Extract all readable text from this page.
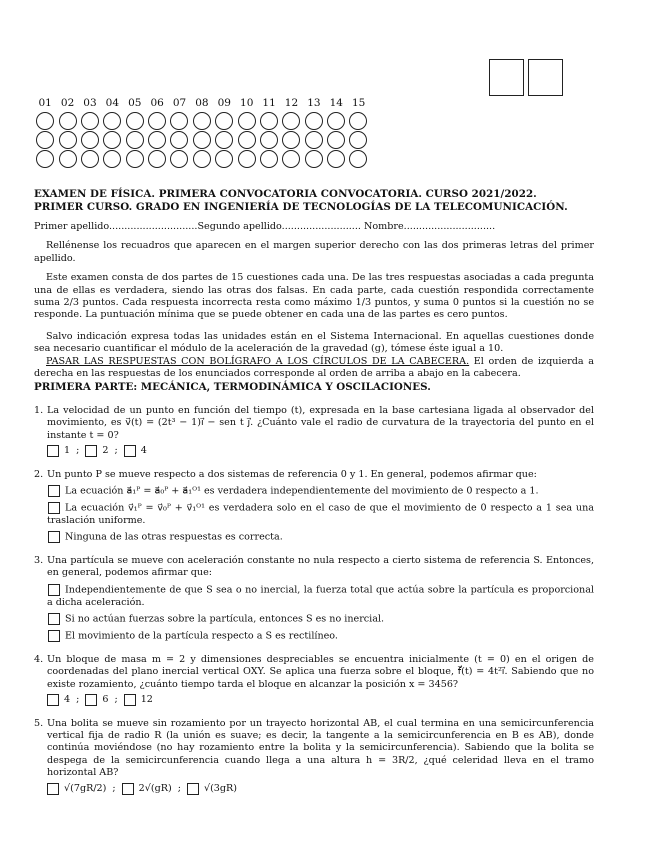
01 02 03 04 05 06 07 08 09 10 11 12 13 14 15
EXAMEN DE FÍSICA. PRIMERA CONVOCATORIA CONVOCATORIA. CURSO 2021/2022.
PRIMER CURSO. GRADO EN INGENIERÍA DE TECNOLOGÍAS DE LA TELECOMUNICACIÓN.
Primer apellido.............................Segundo apellido.......................... Nombre..............................
Rellénense los recuadros que aparecen en el margen superior derecho con las dos primeras letras del primer apellido.
Este examen consta de dos partes de 15 cuestiones cada una. De las tres respuestas asociadas a cada pregunta una de ellas es verdadera, siendo las otras dos falsas. En cada parte, cada cuestión respondida correctamente suma 2/3 puntos. Cada respuesta incorrecta resta como máximo 1/3 puntos, y suma 0 puntos si la cuestión no se responde. La puntuación mínima que se puede obtener en cada una de las partes es cero puntos.
Salvo indicación expresa todas las unidades están en el Sistema Internacional. En aquellas cuestiones donde sea necesario cuantificar el módulo de la aceleración de la gravedad (g), tómese éste igual a 10.
PASAR LAS RESPUESTAS CON BOLÍGRAFO A LOS CÍRCULOS DE LA CABECERA. El orden de izquierda a derecha en las respuestas de los enunciados corresponde al orden de arriba a abajo en la cabecera.
PRIMERA PARTE: MECÁNICA, TERMODINÁMICA Y OSCILACIONES.
1. La velocidad de un punto en función del tiempo (t), expresada en la base cartesiana ligada al observador del movimiento, es v⃗(t) = (2t³ − 1)ı⃗ − sen t ȷ⃗. ¿Cuánto vale el radio de curvatura de la trayectoria del punto en el instante t = 0?
1 ; 2 ; 4
2. Un punto P se mueve respecto a dos sistemas de referencia 0 y 1. En general, podemos afirmar que:
La ecuación a⃗₁ᴾ = a⃗₀ᴾ + a⃗₁ᴼ¹ es verdadera independientemente del movimiento de 0 respecto a 1.
La ecuación v⃗₁ᴾ = v⃗₀ᴾ + v⃗₁ᴼ¹ es verdadera solo en el caso de que el movimiento de 0 respecto a 1 sea una traslación uniforme.
Ninguna de las otras respuestas es correcta.
3. Una partícula se mueve con aceleración constante no nula respecto a cierto sistema de referencia S. Entonces, en general, podemos afirmar que:
Independientemente de que S sea o no inercial, la fuerza total que actúa sobre la partícula es proporcional a dicha aceleración.
Si no actúan fuerzas sobre la partícula, entonces S es no inercial.
El movimiento de la partícula respecto a S es rectilíneo.
4. Un bloque de masa m = 2 y dimensiones despreciables se encuentra inicialmente (t = 0) en el origen de coordenadas del plano inercial vertical OXY. Se aplica una fuerza sobre el bloque, f⃗(t) = 4t²ı⃗. Sabiendo que no existe rozamiento, ¿cuánto tiempo tarda el bloque en alcanzar la posición x = 3456?
4 ; 6 ; 12
5. Una bolita se mueve sin rozamiento por un trayecto horizontal AB, el cual termina en una semicircunferencia vertical fija de radio R (la unión es suave; es decir, la tangente a la semicircunferencia en B es AB), donde continúa moviéndose (no hay rozamiento entre la bolita y la semicircunferencia). Sabiendo que la bolita se despega de la semicircunferencia cuando llega a una altura h = 3R/2, ¿qué celeridad lleva en el tramo horizontal AB?
√(7gR/2) ; 2√(gR) ; √(3gR)
